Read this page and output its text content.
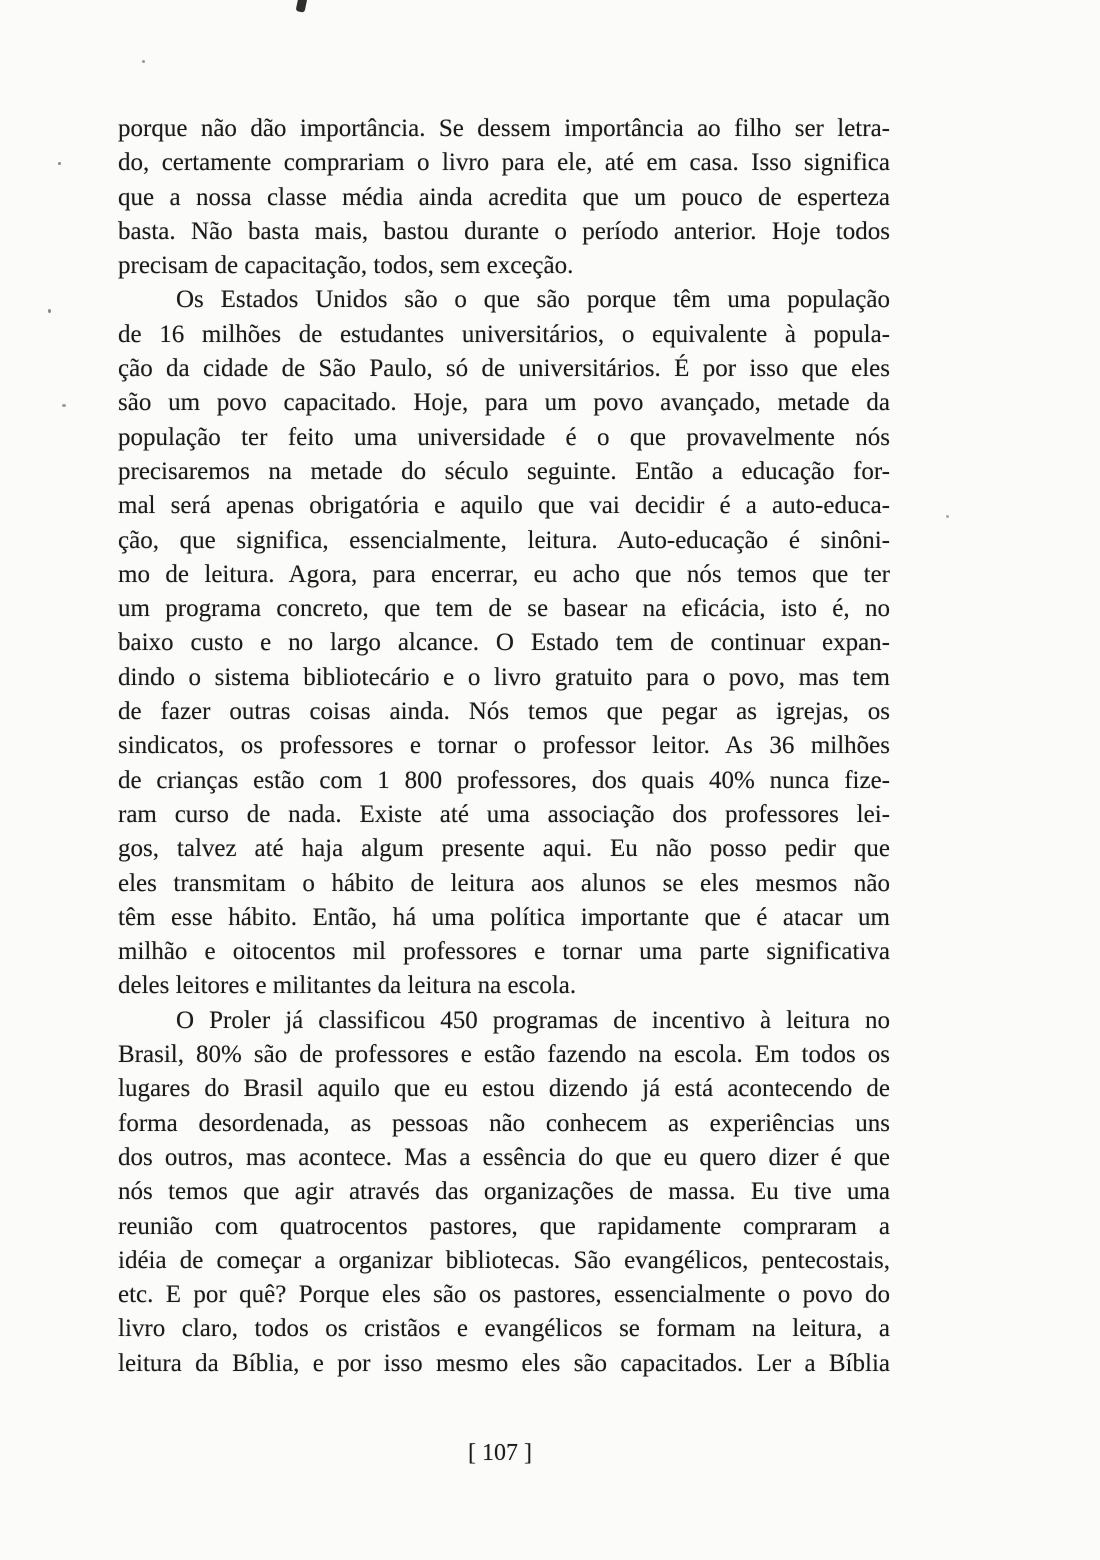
porque não dão importância. Se dessem importância ao filho ser letra-
do, certamente comprariam o livro para ele, até em casa. Isso significa
que a nossa classe média ainda acredita que um pouco de esperteza
basta. Não basta mais, bastou durante o período anterior. Hoje todos
precisam de capacitação, todos, sem exceção.
Os Estados Unidos são o que são porque têm uma população
de 16 milhões de estudantes universitários, o equivalente à popula-
ção da cidade de São Paulo, só de universitários. É por isso que eles
são um povo capacitado. Hoje, para um povo avançado, metade da
população ter feito uma universidade é o que provavelmente nós
precisaremos na metade do século seguinte. Então a educação for-
mal será apenas obrigatória e aquilo que vai decidir é a auto-educa-
ção, que significa, essencialmente, leitura. Auto-educação é sinôni-
mo de leitura. Agora, para encerrar, eu acho que nós temos que ter
um programa concreto, que tem de se basear na eficácia, isto é, no
baixo custo e no largo alcance. O Estado tem de continuar expan-
dindo o sistema bibliotecário e o livro gratuito para o povo, mas tem
de fazer outras coisas ainda. Nós temos que pegar as igrejas, os
sindicatos, os professores e tornar o professor leitor. As 36 milhões
de crianças estão com 1 800 professores, dos quais 40% nunca fize-
ram curso de nada. Existe até uma associação dos professores lei-
gos, talvez até haja algum presente aqui. Eu não posso pedir que
eles transmitam o hábito de leitura aos alunos se eles mesmos não
têm esse hábito. Então, há uma política importante que é atacar um
milhão e oitocentos mil professores e tornar uma parte significativa
deles leitores e militantes da leitura na escola.
O Proler já classificou 450 programas de incentivo à leitura no
Brasil, 80% são de professores e estão fazendo na escola. Em todos os
lugares do Brasil aquilo que eu estou dizendo já está acontecendo de
forma desordenada, as pessoas não conhecem as experiências uns
dos outros, mas acontece. Mas a essência do que eu quero dizer é que
nós temos que agir através das organizações de massa. Eu tive uma
reunião com quatrocentos pastores, que rapidamente compraram a
idéia de começar a organizar bibliotecas. São evangélicos, pentecostais,
etc. E por quê? Porque eles são os pastores, essencialmente o povo do
livro claro, todos os cristãos e evangélicos se formam na leitura, a
leitura da Bíblia, e por isso mesmo eles são capacitados. Ler a Bíblia
[ 107 ]
